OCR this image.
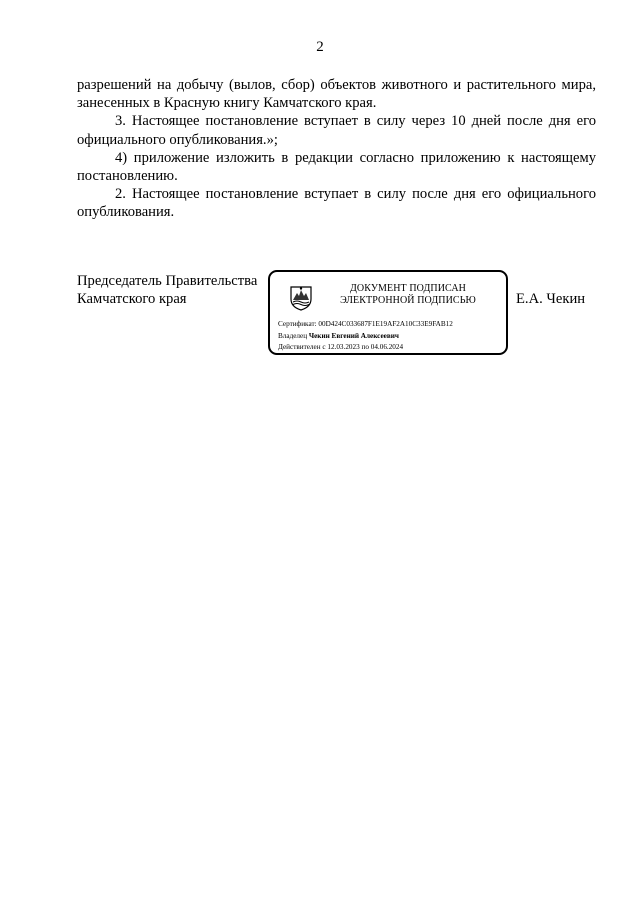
2

разрешений на добычу (вылов, сбор) объектов животного и растительного мира, занесенных в Красную книгу Камчатского края.

3. Настоящее постановление вступает в силу через 10 дней после дня его официального опубликования.»;

4) приложение изложить в редакции согласно приложению к настоящему постановлению.

2. Настоящее постановление вступает в силу после дня его официального опубликования.

Председатель Правительства
Камчатского края	Е.А. Чекин
ДОКУМЕНТ ПОДПИСАН
ЭЛЕКТРОННОЙ ПОДПИСЬЮ
Сертификат: 00D424C033687F1E19AF2A10C33E9FAB12
Владелец Чекин Евгений Алексеевич
Действителен с 12.03.2023 по 04.06.2024
